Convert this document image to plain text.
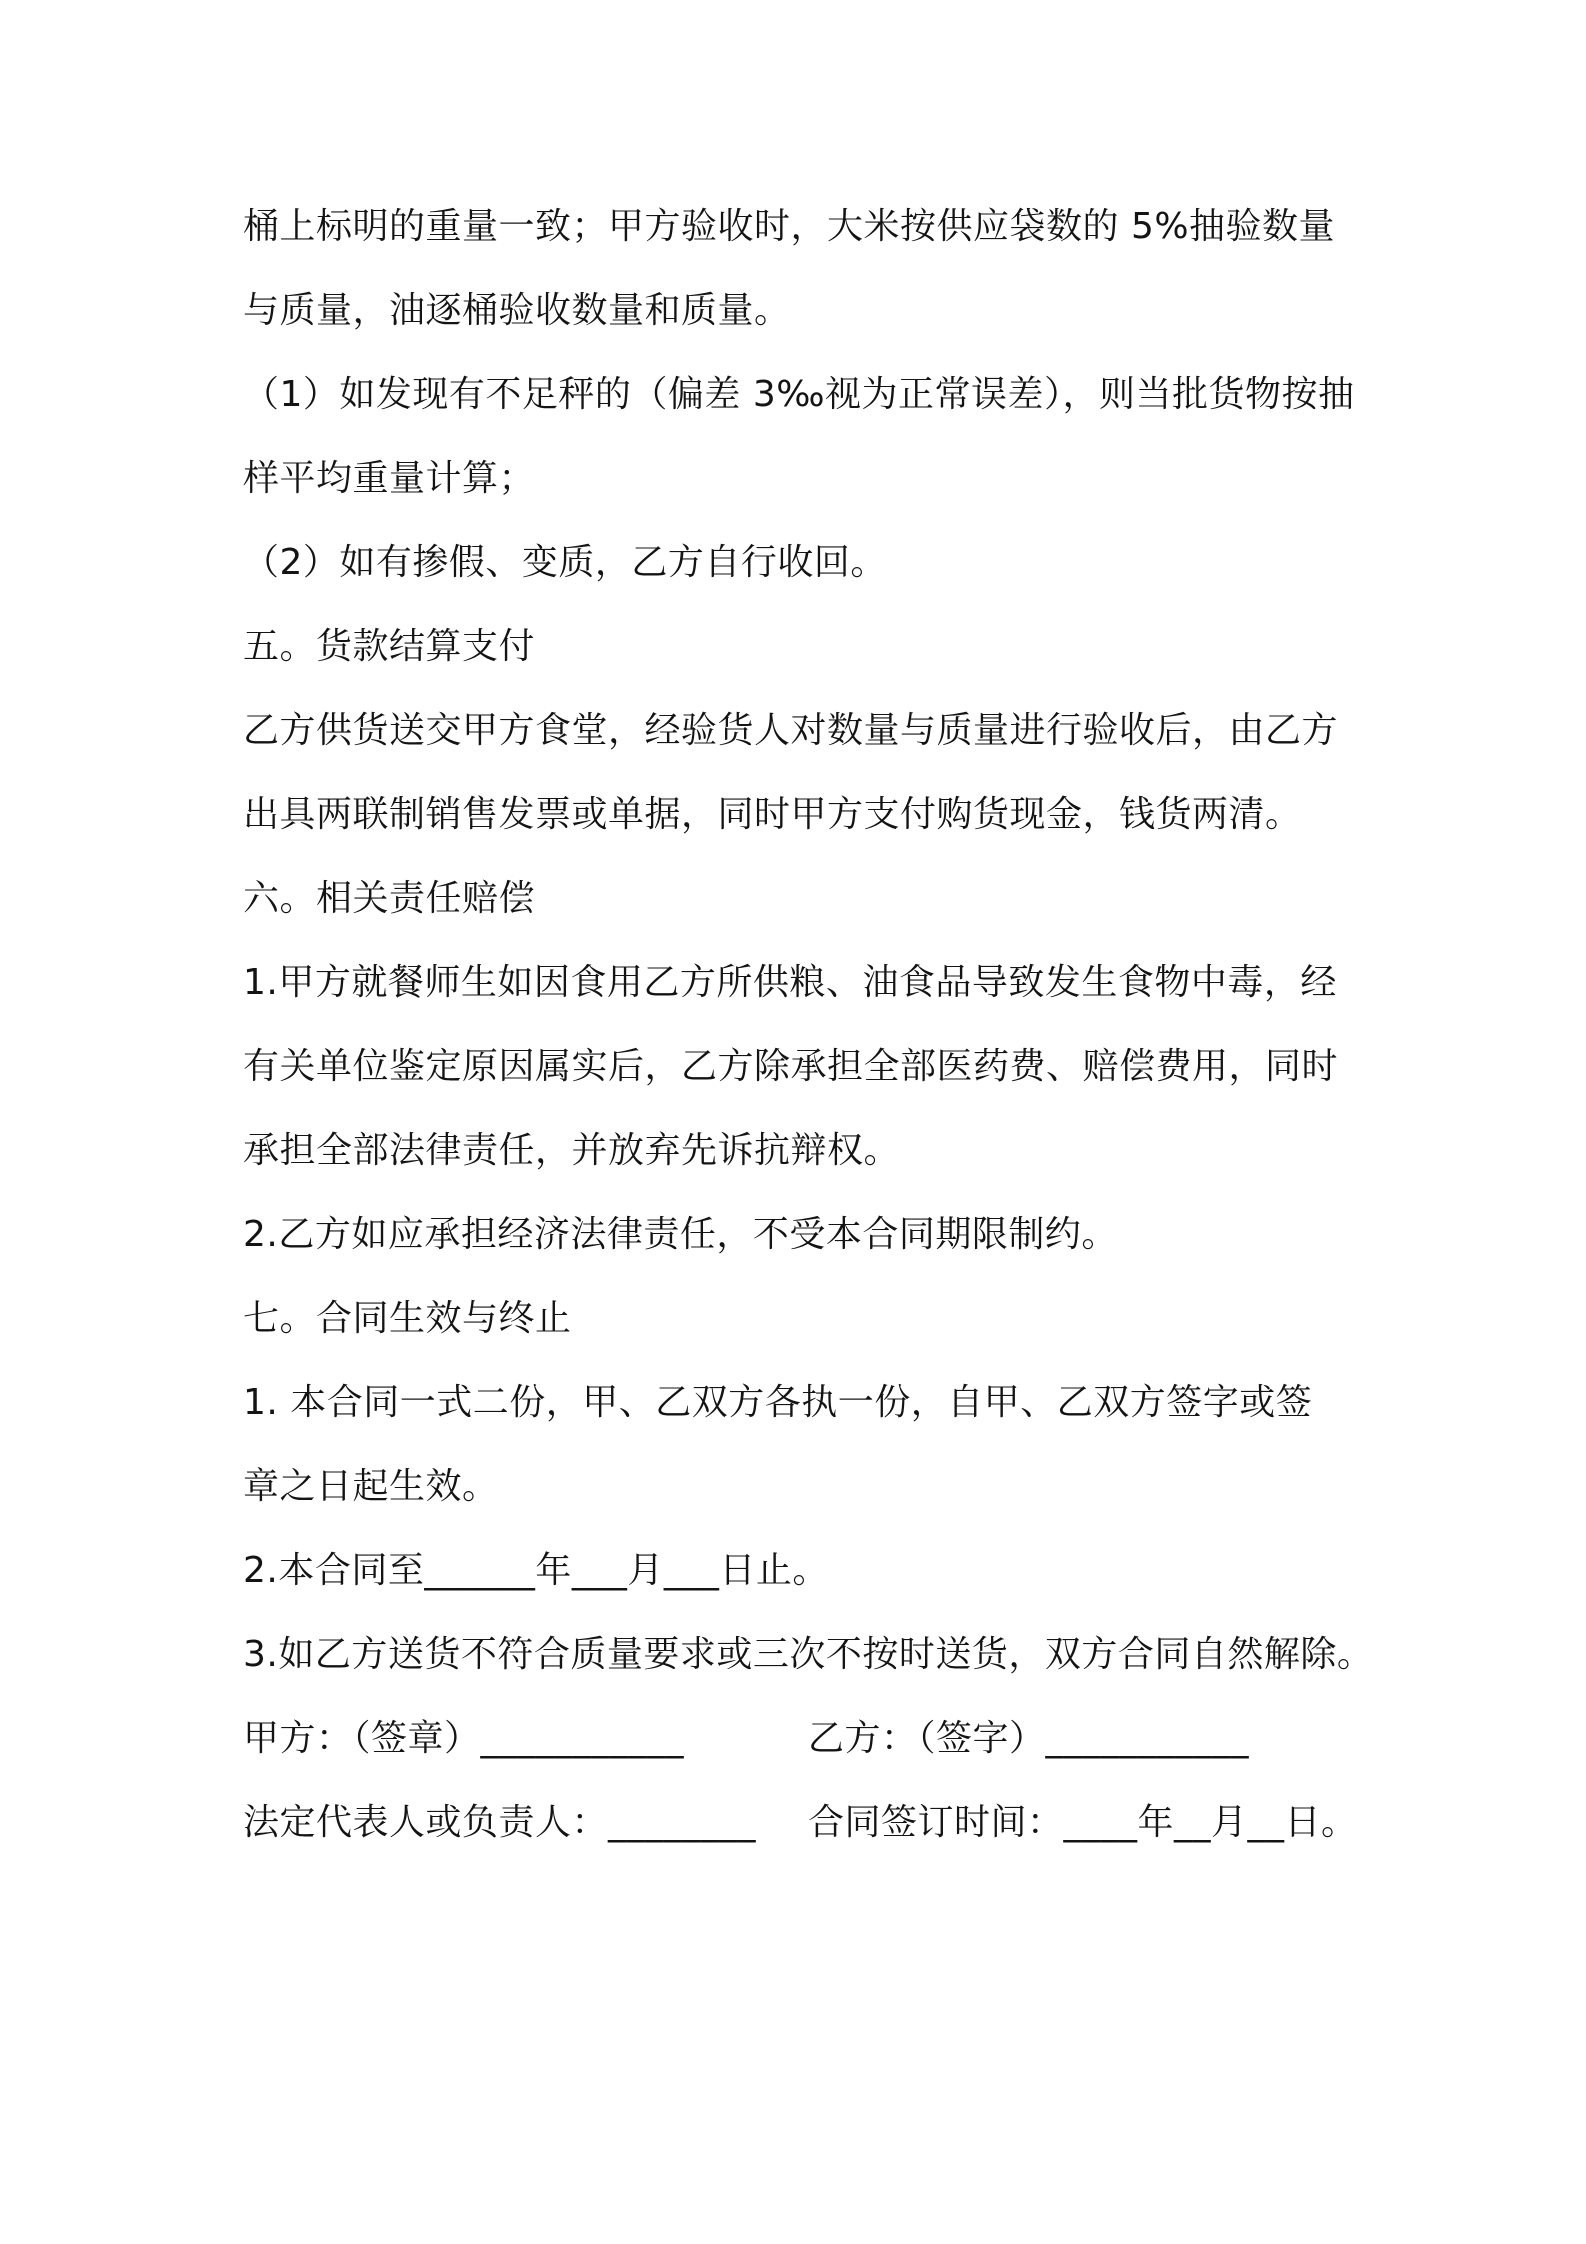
桶上标明的重量一致；甲方验收时，大米按供应袋数的 5%抽验数量
与质量，油逐桶验收数量和质量。
（1）如发现有不足秤的（偏差 3‰视为正常误差），则当批货物按抽
样平均重量计算；
（2）如有掺假、变质，乙方自行收回。
五。货款结算支付
乙方供货送交甲方食堂，经验货人对数量与质量进行验收后，由乙方
出具两联制销售发票或单据，同时甲方支付购货现金，钱货两清。
六。相关责任赔偿
1.甲方就餐师生如因食用乙方所供粮、油食品导致发生食物中毒，经
有关单位鉴定原因属实后，乙方除承担全部医药费、赔偿费用，同时
承担全部法律责任，并放弃先诉抗辩权。
2.乙方如应承担经济法律责任，不受本合同期限制约。
七。合同生效与终止
1. 本合同一式二份，甲、乙双方各执一份，自甲、乙双方签字或签
章之日起生效。
2.本合同至______年___月___日止。
3.如乙方送货不符合质量要求或三次不按时送货，双方合同自然解除。
甲方：（签章）___________	乙方：（签字）___________
法定代表人或负责人：________ 合同签订时间：____年__月__日。
